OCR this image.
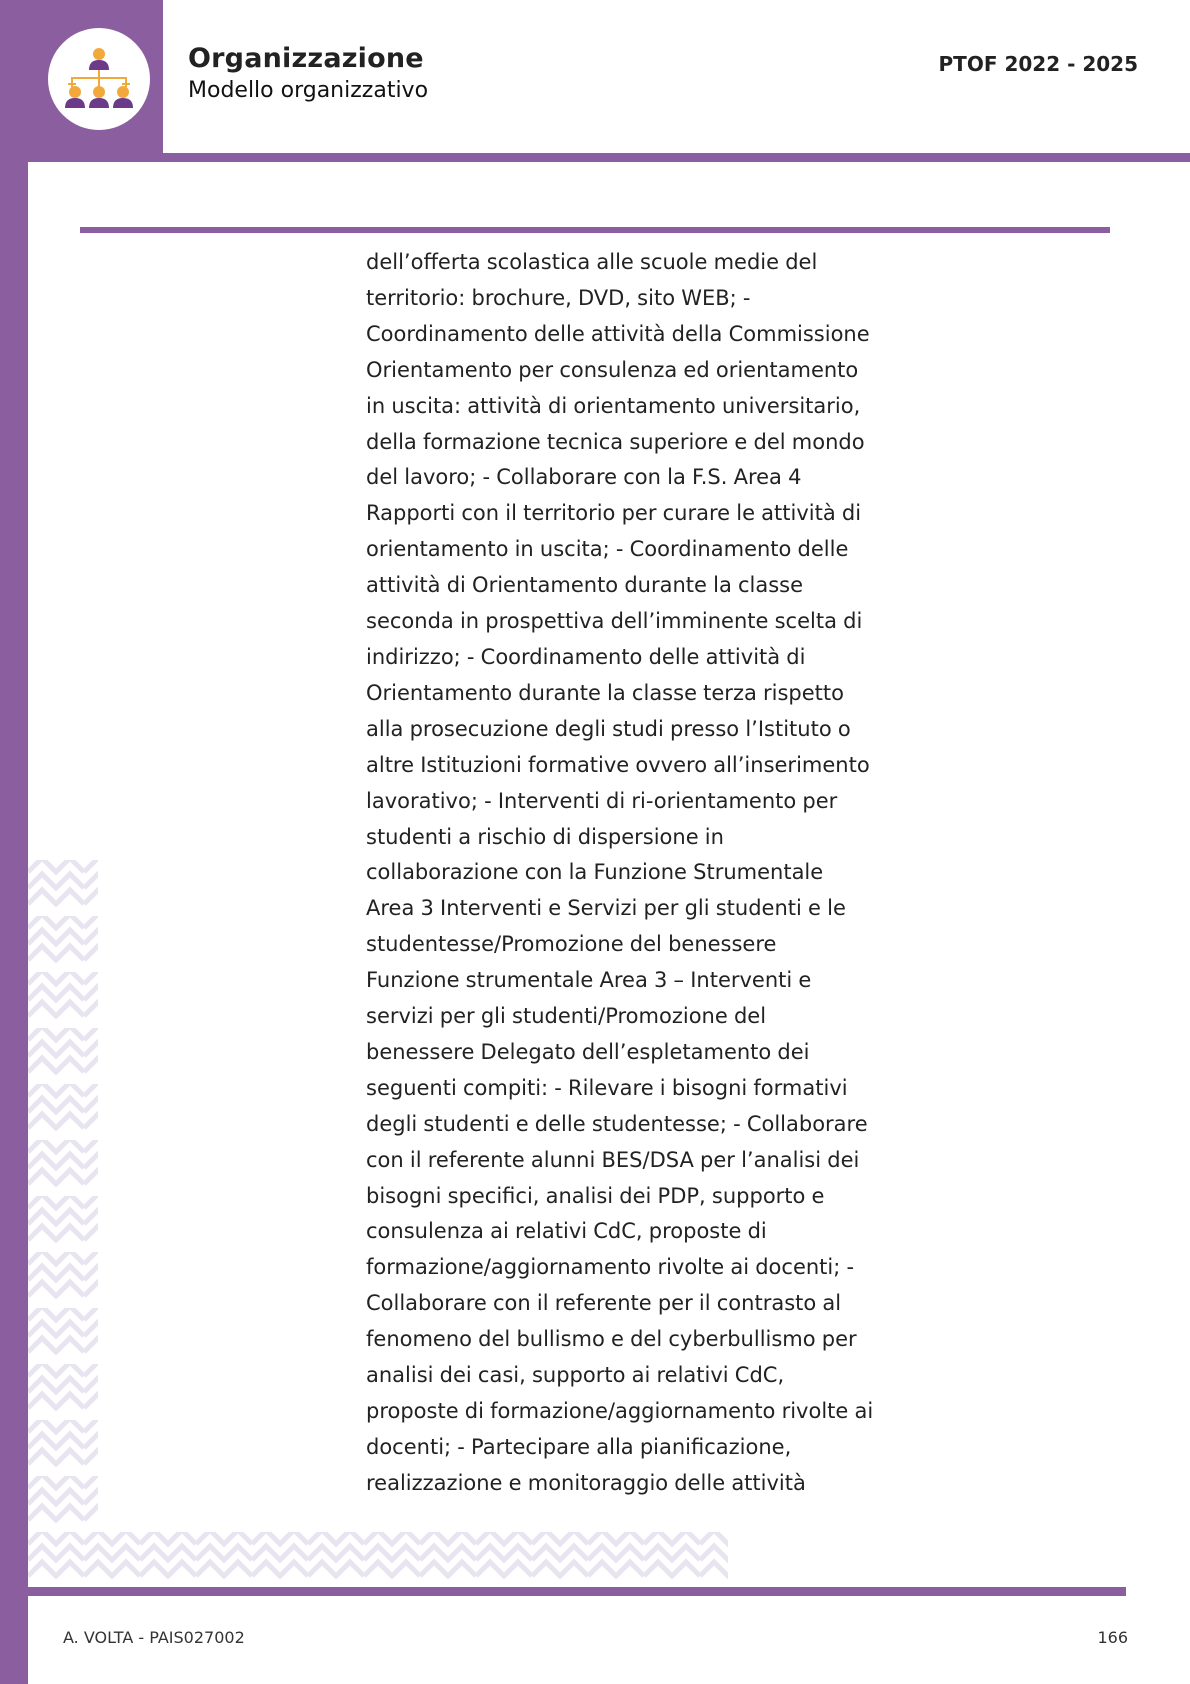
Organizzazione
Modello organizzativo
PTOF 2022 - 2025
dell’offerta scolastica alle scuole medie del
territorio: brochure, DVD, sito WEB; -
Coordinamento delle attività della Commissione
Orientamento per consulenza ed orientamento
in uscita: attività di orientamento universitario,
della formazione tecnica superiore e del mondo
del lavoro; - Collaborare con la F.S. Area 4
Rapporti con il territorio per curare le attività di
orientamento in uscita; - Coordinamento delle
attività di Orientamento durante la classe
seconda in prospettiva dell’imminente scelta di
indirizzo; - Coordinamento delle attività di
Orientamento durante la classe terza rispetto
alla prosecuzione degli studi presso l’Istituto o
altre Istituzioni formative ovvero all’inserimento
lavorativo; - Interventi di ri-orientamento per
studenti a rischio di dispersione in
collaborazione con la Funzione Strumentale
Area 3 Interventi e Servizi per gli studenti e le
studentesse/Promozione del benessere
Funzione strumentale Area 3 – Interventi e
servizi per gli studenti/Promozione del
benessere Delegato dell’espletamento dei
seguenti compiti: - Rilevare i bisogni formativi
degli studenti e delle studentesse; - Collaborare
con il referente alunni BES/DSA per l’analisi dei
bisogni specifici, analisi dei PDP, supporto e
consulenza ai relativi CdC, proposte di
formazione/aggiornamento rivolte ai docenti; -
Collaborare con il referente per il contrasto al
fenomeno del bullismo e del cyberbullismo per
analisi dei casi, supporto ai relativi CdC,
proposte di formazione/aggiornamento rivolte ai
docenti; - Partecipare alla pianificazione,
realizzazione e monitoraggio delle attività
A. VOLTA - PAIS027002	166
